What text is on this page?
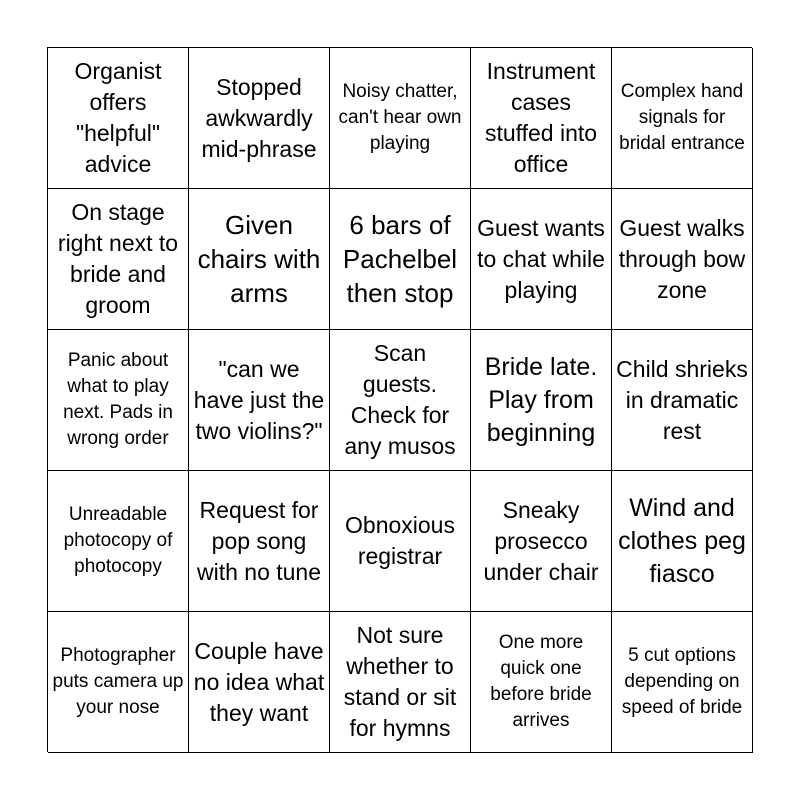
Organist offers "helpful" advice
Stopped awkwardly mid-phrase
Noisy chatter, can't hear own playing
Instrument cases stuffed into office
Complex hand signals for bridal entrance
On stage right next to bride and groom
Given chairs with arms
6 bars of Pachelbel then stop
Guest wants to chat while playing
Guest walks through bow zone
Panic about what to play next. Pads in wrong order
"can we have just the two violins?"
Scan guests. Check for any musos
Bride late. Play from beginning
Child shrieks in dramatic rest
Unreadable photocopy of photocopy
Request for pop song with no tune
Obnoxious registrar
Sneaky prosecco under chair
Wind and clothes peg fiasco
Photographer puts camera up your nose
Couple have no idea what they want
Not sure whether to stand or sit for hymns
One more quick one before bride arrives
5 cut options depending on speed of bride
